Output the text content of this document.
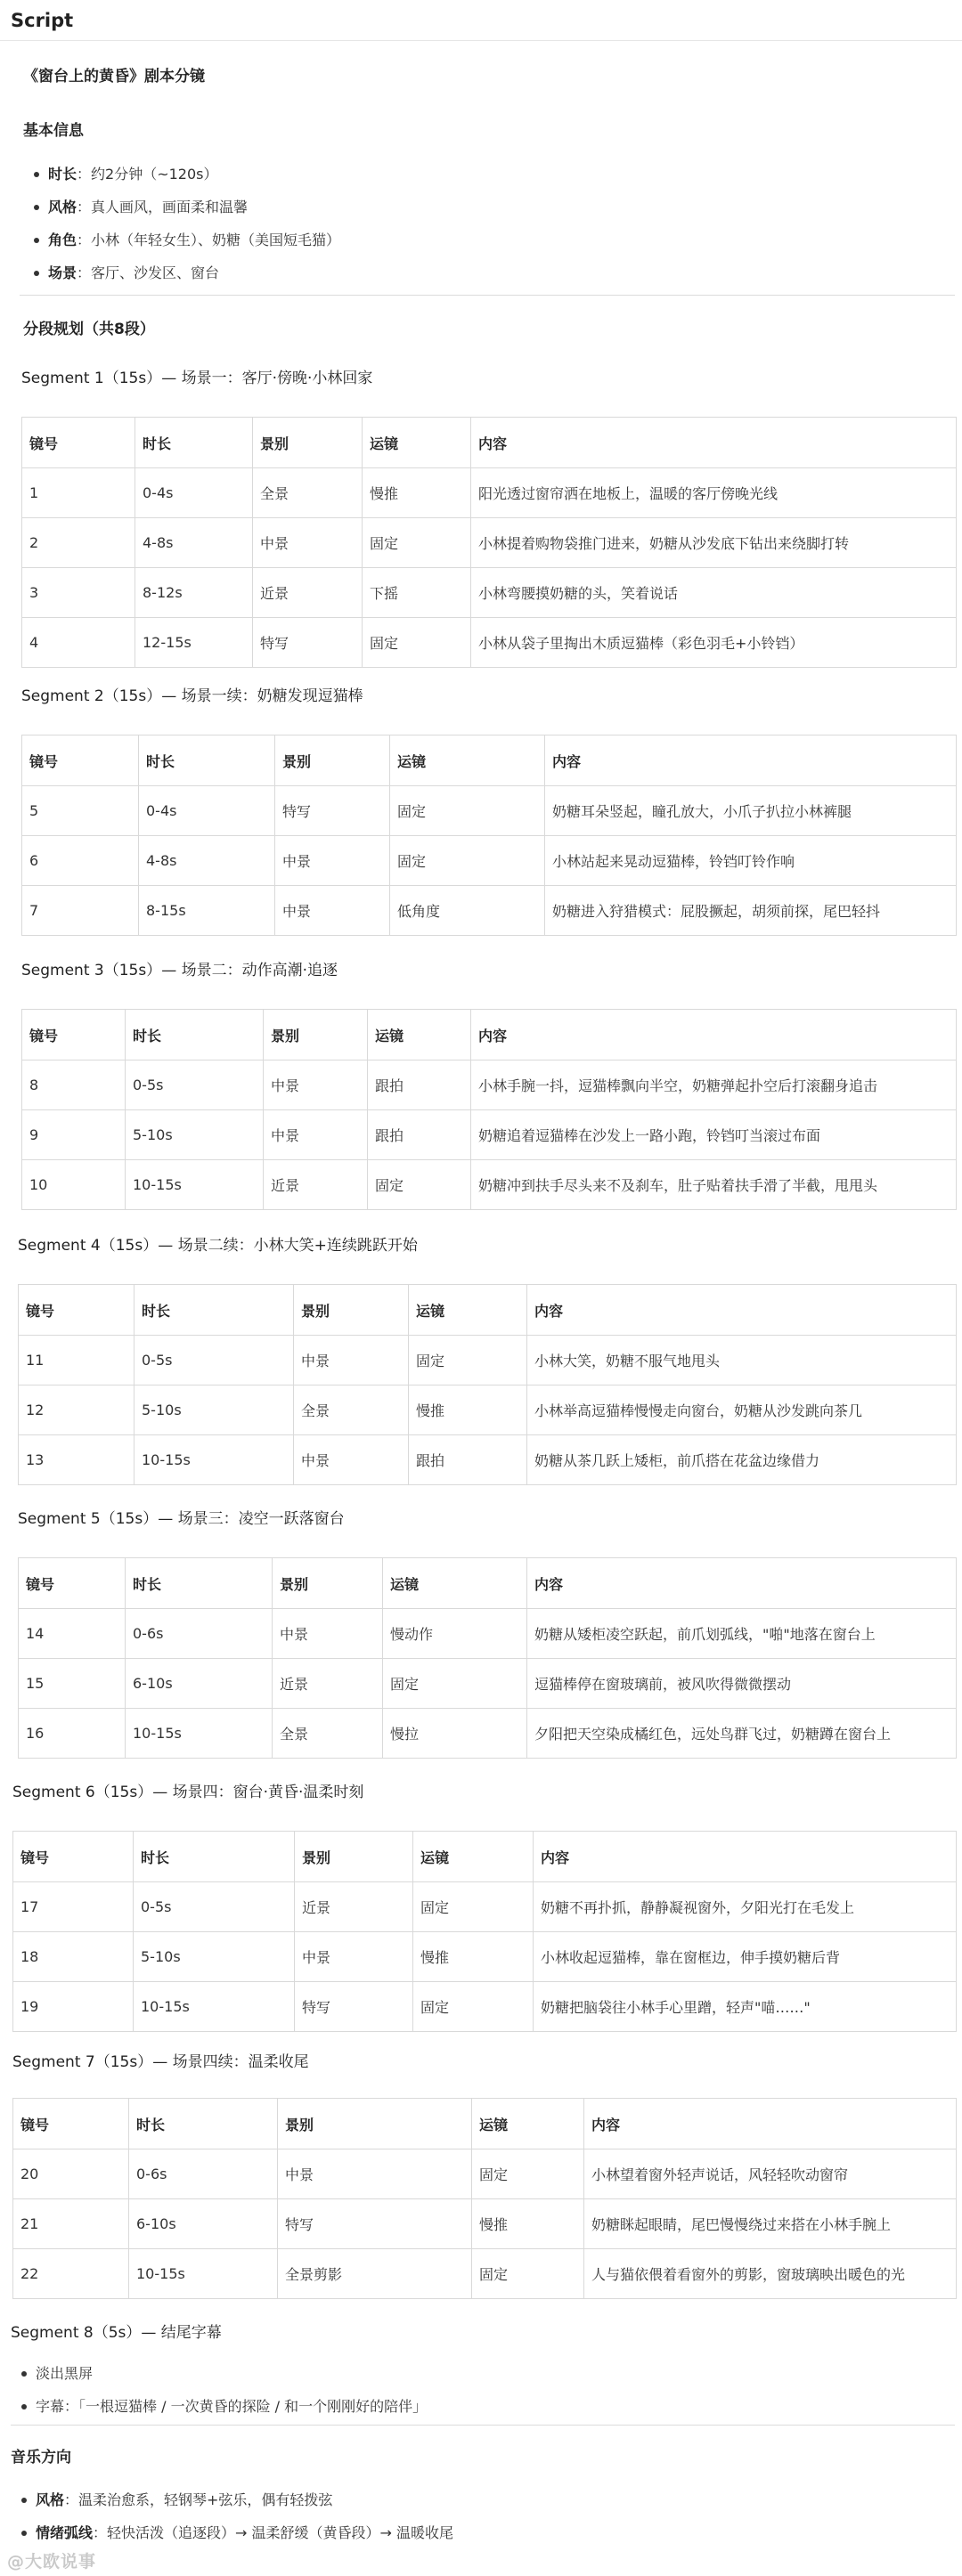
Script
《窗台上的黄昏》剧本分镜
基本信息
时长：约2分钟（~120s）
风格：真人画风，画面柔和温馨
角色：小林（年轻女生）、奶糖（美国短毛猫）
场景：客厅、沙发区、窗台
分段规划（共8段）
Segment 1（15s）— 场景一：客厅·傍晚·小林回家
镜号	时长	景别	运镜	内容
1	0-4s	全景	慢推	阳光透过窗帘洒在地板上，温暖的客厅傍晚光线
2	4-8s	中景	固定	小林提着购物袋推门进来，奶糖从沙发底下钻出来绕脚打转
3	8-12s	近景	下摇	小林弯腰摸奶糖的头，笑着说话
4	12-15s	特写	固定	小林从袋子里掏出木质逗猫棒（彩色羽毛+小铃铛）
Segment 2（15s）— 场景一续：奶糖发现逗猫棒
镜号	时长	景别	运镜	内容
5	0-4s	特写	固定	奶糖耳朵竖起，瞳孔放大，小爪子扒拉小林裤腿
6	4-8s	中景	固定	小林站起来晃动逗猫棒，铃铛叮铃作响
7	8-15s	中景	低角度	奶糖进入狩猎模式：屁股撅起，胡须前探，尾巴轻抖
Segment 3（15s）— 场景二：动作高潮·追逐
镜号	时长	景别	运镜	内容
8	0-5s	中景	跟拍	小林手腕一抖，逗猫棒飘向半空，奶糖弹起扑空后打滚翻身追击
9	5-10s	中景	跟拍	奶糖追着逗猫棒在沙发上一路小跑，铃铛叮当滚过布面
10	10-15s	近景	固定	奶糖冲到扶手尽头来不及刹车，肚子贴着扶手滑了半截，甩甩头
Segment 4（15s）— 场景二续：小林大笑+连续跳跃开始
镜号	时长	景别	运镜	内容
11	0-5s	中景	固定	小林大笑，奶糖不服气地甩头
12	5-10s	全景	慢推	小林举高逗猫棒慢慢走向窗台，奶糖从沙发跳向茶几
13	10-15s	中景	跟拍	奶糖从茶几跃上矮柜，前爪搭在花盆边缘借力
Segment 5（15s）— 场景三：凌空一跃落窗台
镜号	时长	景别	运镜	内容
14	0-6s	中景	慢动作	奶糖从矮柜凌空跃起，前爪划弧线，"啪"地落在窗台上
15	6-10s	近景	固定	逗猫棒停在窗玻璃前，被风吹得微微摆动
16	10-15s	全景	慢拉	夕阳把天空染成橘红色，远处鸟群飞过，奶糖蹲在窗台上
Segment 6（15s）— 场景四：窗台·黄昏·温柔时刻
镜号	时长	景别	运镜	内容
17	0-5s	近景	固定	奶糖不再扑抓，静静凝视窗外，夕阳光打在毛发上
18	5-10s	中景	慢推	小林收起逗猫棒，靠在窗框边，伸手摸奶糖后背
19	10-15s	特写	固定	奶糖把脑袋往小林手心里蹭，轻声"喵……"
Segment 7（15s）— 场景四续：温柔收尾
镜号	时长	景别	运镜	内容
20	0-6s	中景	固定	小林望着窗外轻声说话，风轻轻吹动窗帘
21	6-10s	特写	慢推	奶糖眯起眼睛，尾巴慢慢绕过来搭在小林手腕上
22	10-15s	全景剪影	固定	人与猫依偎着看窗外的剪影，窗玻璃映出暖色的光
Segment 8（5s）— 结尾字幕
淡出黑屏
字幕：「一根逗猫棒 / 一次黄昏的探险 / 和一个刚刚好的陪伴」
音乐方向
风格：温柔治愈系，轻钢琴+弦乐，偶有轻拨弦
情绪弧线：轻快活泼（追逐段）→ 温柔舒缓（黄昏段）→ 温暖收尾
@大欧说事
